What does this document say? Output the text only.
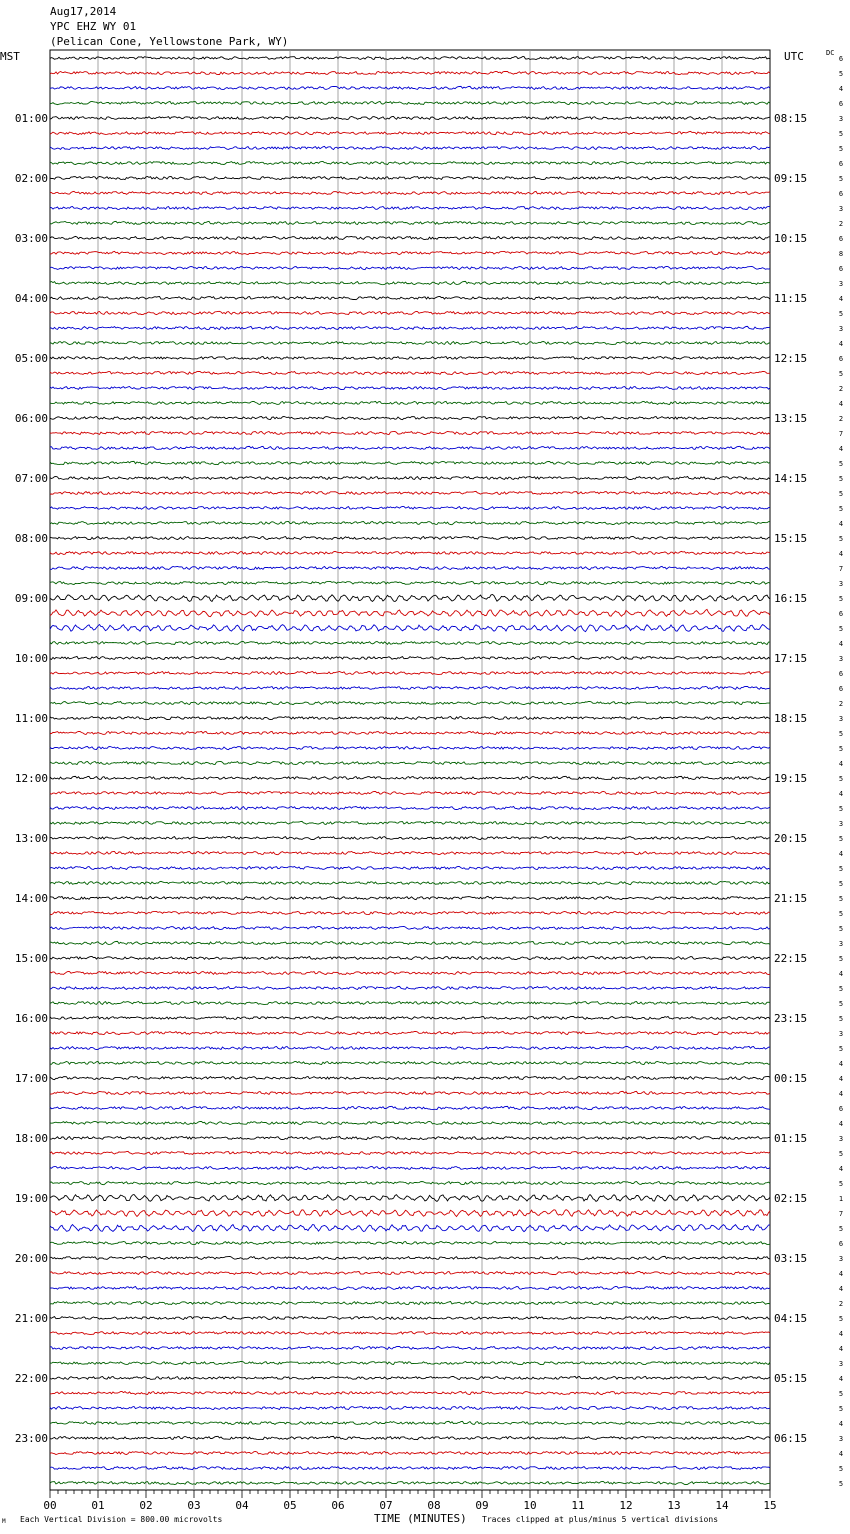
6
5
4
6
3
5
5
6
5
6
3
2
6
8
6
3
4
5
3
4
6
5
2
4
2
7
4
5
5
5
5
4
5
4
7
3
5
6
5
4
3
6
6
2
3
5
5
4
5
4
5
3
5
4
5
5
5
5
5
3
5
4
5
5
5
3
5
4
4
4
6
4
3
5
4
5
1
7
5
6
3
4
4
2
5
4
4
3
4
5
5
4
3
4
5
5
01:00	08:15
02:00	09:15
03:00	10:15
04:00	11:15
05:00	12:15
06:00	13:15
07:00	14:15
08:00	15:15
09:00	16:15
10:00	17:15
11:00	18:15
12:00	19:15
13:00	20:15
14:00	21:15
15:00	22:15
16:00	23:15
17:00	00:15
18:00	01:15
19:00	02:15
20:00	03:15
21:00	04:15
22:00	05:15
23:00	06:15
00	01	02	03	04	05	06	07	08	09	10	11	12	13	14	15
Aug17,2014
YPC EHZ WY 01
(Pelican Cone, Yellowstone Park, WY)
MST	UTC	DC
M Each Vertical Division = 800.00 microvolts	TIME (MINUTES) Traces clipped at plus/minus 5 vertical divisions
